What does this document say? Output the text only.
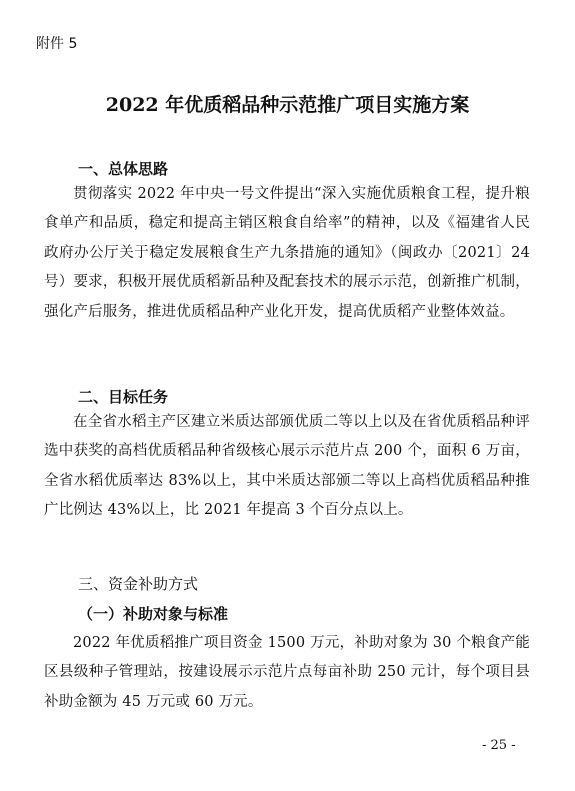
附件 5
2022 年优质稻品种示范推广项目实施方案
一、总体思路
贯彻落实 2022 年中央一号文件提出“深入实施优质粮食工程，提升粮食单产和品质，稳定和提高主销区粮食自给率”的精神，以及《福建省人民政府办公厅关于稳定发展粮食生产九条措施的通知》（闽政办〔2021〕24 号）要求，积极开展优质稻新品种及配套技术的展示示范，创新推广机制，强化产后服务，推进优质稻品种产业化开发，提高优质稻产业整体效益。
二、目标任务
在全省水稻主产区建立米质达部颁优质二等以上以及在省优质稻品种评选中获奖的高档优质稻品种省级核心展示示范片点 200 个，面积 6 万亩，全省水稻优质率达 83%以上，其中米质达部颁二等以上高档优质稻品种推广比例达 43%以上，比 2021 年提高 3 个百分点以上。
三、资金补助方式
（一）补助对象与标准
2022 年优质稻推广项目资金 1500 万元，补助对象为 30 个粮食产能区县级种子管理站，按建设展示示范片点每亩补助 250 元计，每个项目县补助金额为 45 万元或 60 万元。
- 25 -
